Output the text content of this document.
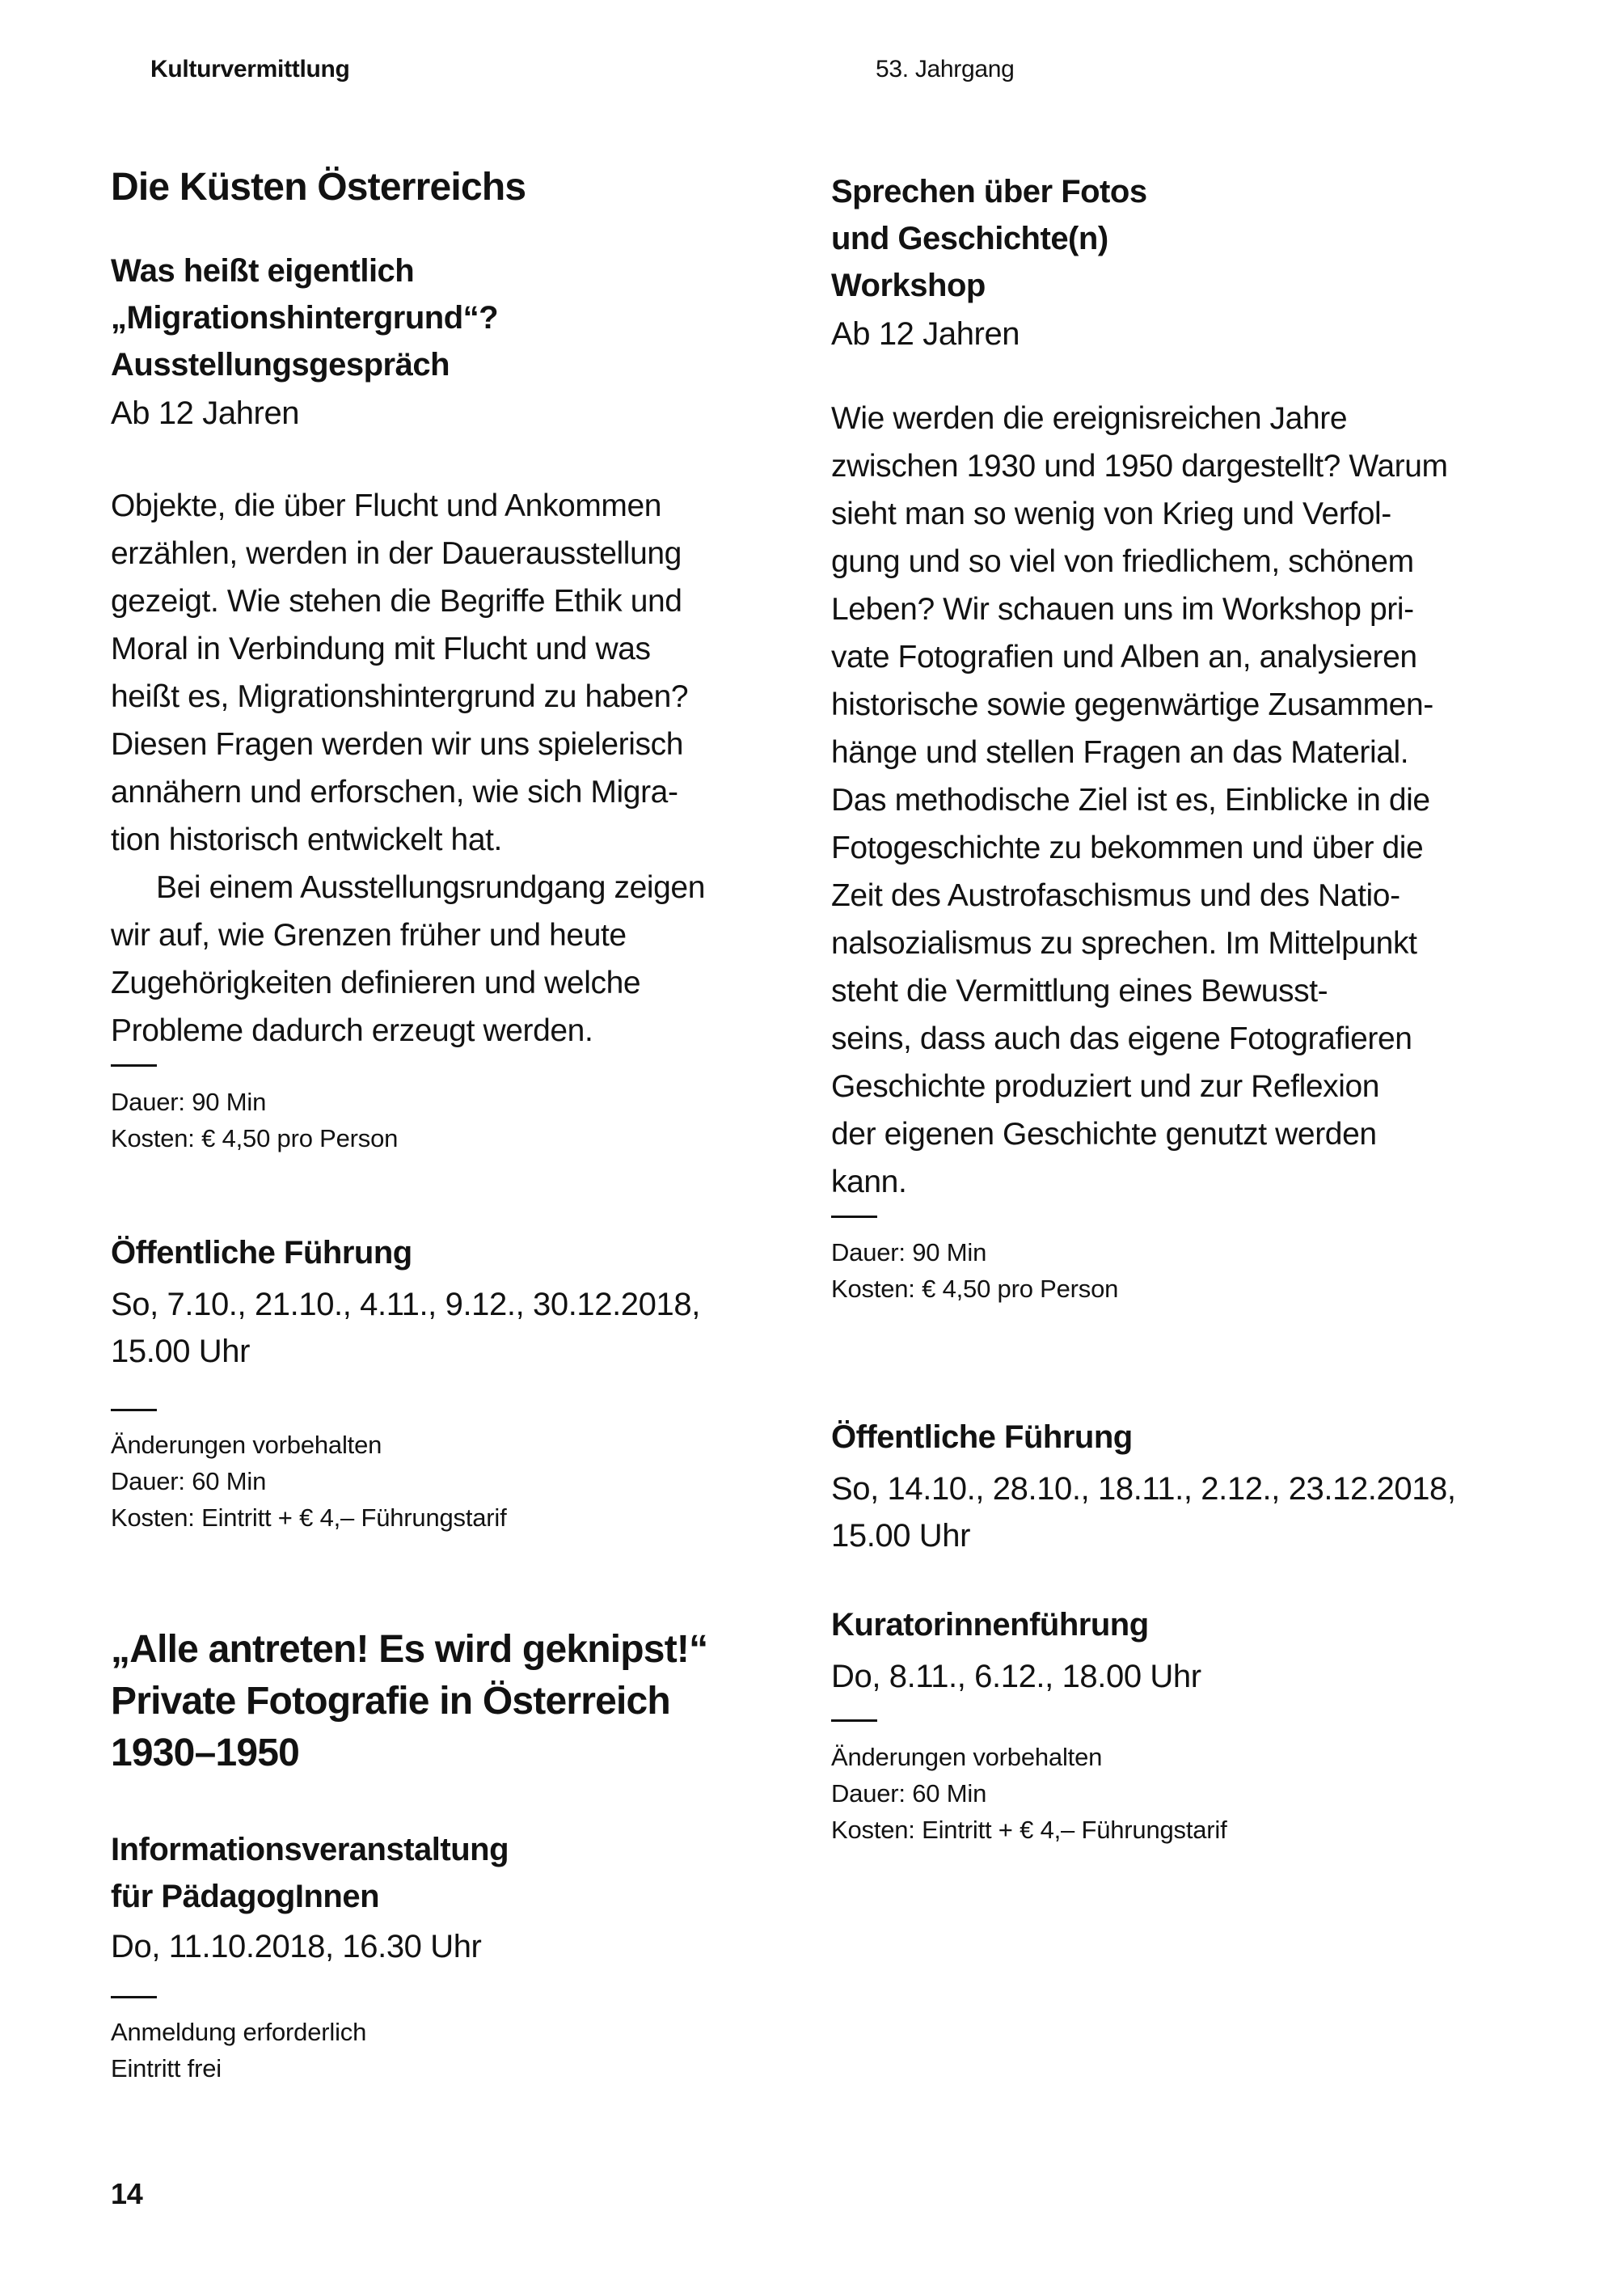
Kulturvermittlung	53. Jahrgang
Die Küsten Österreichs
Was heißt eigentlich
„Migrationshintergrund“?
Ausstellungsgespräch
Ab 12 Jahren
Objekte, die über Flucht und Ankommen
erzählen, werden in der Dauerausstellung
gezeigt. Wie stehen die Begriffe Ethik und
Moral in Verbindung mit Flucht und was
heißt es, Migrationshintergrund zu haben?
Diesen Fragen werden wir uns spielerisch
annähern und erforschen, wie sich Migra-
tion historisch entwickelt hat.
Bei einem Ausstellungsrundgang zeigen
wir auf, wie Grenzen früher und heute
Zugehörigkeiten definieren und welche
Probleme dadurch erzeugt werden.
Dauer: 90 Min
Kosten: € 4,50 pro Person
Öffentliche Führung
So, 7.10., 21.10., 4.11., 9.12., 30.12.2018,
15.00 Uhr
Änderungen vorbehalten
Dauer: 60 Min
Kosten: Eintritt + € 4,– Führungstarif
„Alle antreten! Es wird geknipst!“
Private Fotografie in Österreich
1930–1950
Informationsveranstaltung
für PädagogInnen
Do, 11.10.2018, 16.30 Uhr
Anmeldung erforderlich
Eintritt frei
Sprechen über Fotos
und Geschichte(n)
Workshop
Ab 12 Jahren
Wie werden die ereignisreichen Jahre
zwischen 1930 und 1950 dargestellt? Warum
sieht man so wenig von Krieg und Verfol-
gung und so viel von friedlichem, schönem
Leben? Wir schauen uns im Workshop pri-
vate Fotografien und Alben an, analysieren
historische sowie gegenwärtige Zusammen-
hänge und stellen Fragen an das Material.
Das methodische Ziel ist es, Einblicke in die
Fotogeschichte zu bekommen und über die
Zeit des Austrofaschismus und des Natio-
nalsozialismus zu sprechen. Im Mittelpunkt
steht die Vermittlung eines Bewusst-
seins, dass auch das eigene Fotografieren
Geschichte produziert und zur Reflexion
der eigenen Geschichte genutzt werden
kann.
Dauer: 90 Min
Kosten: € 4,50 pro Person
Öffentliche Führung
So, 14.10., 28.10., 18.11., 2.12., 23.12.2018,
15.00 Uhr
Kuratorinnenführung
Do, 8.11., 6.12., 18.00 Uhr
Änderungen vorbehalten
Dauer: 60 Min
Kosten: Eintritt + € 4,– Führungstarif
14
